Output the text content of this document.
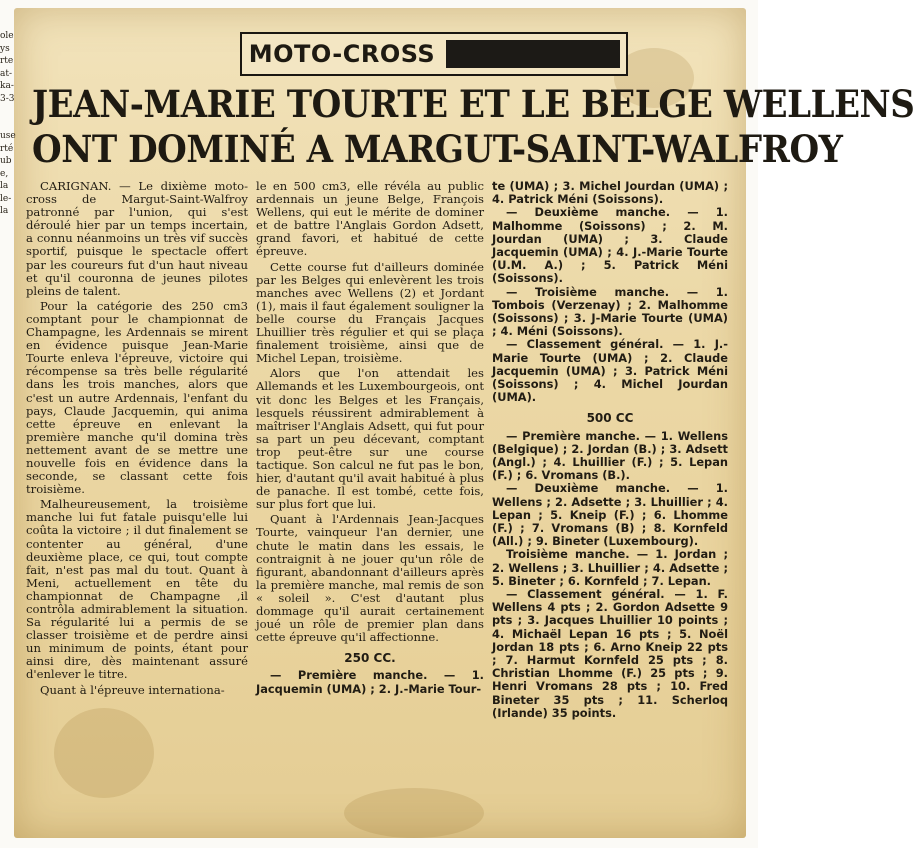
ole
ys
rte
at-
ka-
3-3

use
rté
ub
e,
la
le-
la
MOTO-CROSS
JEAN-MARIE TOURTE ET LE BELGE WELLENS
ONT DOMINÉ A MARGUT-SAINT-WALFROY

CARIGNAN. — Le dixième moto-cross de Margut-Saint-Walfroy patronné par l'union, qui s'est déroulé hier par un temps incertain, a connu néanmoins un très vif succès sportif, puisque le spectacle offert par les coureurs fut d'un haut niveau et qu'il couronna de jeunes pilotes pleins de talent.

Pour la catégorie des 250 cm3 comptant pour le championnat de Champagne, les Ardennais se mirent en évidence puisque Jean-Marie Tourte enleva l'épreuve, victoire qui récompense sa très belle régularité dans les trois manches, alors que c'est un autre Ardennais, l'enfant du pays, Claude Jacquemin, qui anima cette épreuve en enlevant la première manche qu'il domina très nettement avant de se mettre une nouvelle fois en évidence dans la seconde, se classant cette fois troisième.

Malheureusement, la troisième manche lui fut fatale puisqu'elle lui coûta la victoire ; il dut finalement se contenter au général, d'une deuxième place, ce qui, tout compte fait, n'est pas mal du tout. Quant à Meni, actuellement en tête du championnat de Champagne ,il contrôla admirablement la situation. Sa régularité lui a permis de se classer troisième et de perdre ainsi un minimum de points, étant pour ainsi dire, dès maintenant assuré d'enlever le titre.

Quant à l'épreuve internationa-

le en 500 cm3, elle révéla au public ardennais un jeune Belge, François Wellens, qui eut le mérite de dominer et de battre l'Anglais Gordon Adsett, grand favori, et habitué de cette épreuve.

Cette course fut d'ailleurs dominée par les Belges qui enlevèrent les trois manches avec Wellens (2) et Jordant (1), mais il faut également souligner la belle course du Français Jacques Lhuillier très régulier et qui se plaça finalement troisième, ainsi que de Michel Lepan, troisième.

Alors que l'on attendait les Allemands et les Luxembourgeois, ont vit donc les Belges et les Français, lesquels réussirent admirablement à maîtriser l'Anglais Adsett, qui fut pour sa part un peu décevant, comptant trop peut-être sur une course tactique. Son calcul ne fut pas le bon, hier, d'autant qu'il avait habitué à plus de panache. Il est tombé, cette fois, sur plus fort que lui.

Quant à l'Ardennais Jean-Jacques Tourte, vainqueur l'an dernier, une chute le matin dans les essais, le contraignit à ne jouer qu'un rôle de figurant, abandonnant d'ailleurs après la première manche, mal remis de son « soleil ». C'est d'autant plus dommage qu'il aurait certainement joué un rôle de premier plan dans cette épreuve qu'il affectionne.

250 CC.

— Première manche. — 1. Jacquemin (UMA) ; 2. J.-Marie Tour-

te (UMA) ; 3. Michel Jourdan (UMA) ; 4. Patrick Méni (Soissons).

— Deuxième manche. — 1. Malhomme (Soissons) ; 2. M. Jourdan (UMA) ; 3. Claude Jacquemin (UMA) ; 4. J.-Marie Tourte (U.M. A.) ; 5. Patrick Méni (Soissons).

— Troisième manche. — 1. Tombois (Verzenay) ; 2. Malhomme (Soissons) ; 3. J-Marie Tourte (UMA) ; 4. Méni (Soissons).

— Classement général. — 1. J.-Marie Tourte (UMA) ; 2. Claude Jacquemin (UMA) ; 3. Patrick Méni (Soissons) ; 4. Michel Jourdan (UMA).

500 CC

— Première manche. — 1. Wellens (Belgique) ; 2. Jordan (B.) ; 3. Adsett (Angl.) ; 4. Lhuillier (F.) ; 5. Lepan (F.) ; 6. Vromans (B.).

— Deuxième manche. — 1. Wellens ; 2. Adsette ; 3. Lhuillier ; 4. Lepan ; 5. Kneip (F.) ; 6. Lhomme (F.) ; 7. Vromans (B) ; 8. Kornfeld (All.) ; 9. Bineter (Luxembourg).

Troisième manche. — 1. Jordan ; 2. Wellens ; 3. Lhuillier ; 4. Adsette ; 5. Bineter ; 6. Kornfeld ; 7. Lepan.

— Classement général. — 1. F. Wellens 4 pts ; 2. Gordon Adsette 9 pts ; 3. Jacques Lhuillier 10 points ; 4. Michaël Lepan 16 pts ; 5. Noël Jordan 18 pts ; 6. Arno Kneip 22 pts ; 7. Harmut Kornfeld 25 pts ; 8. Christian Lhomme (F.) 25 pts ; 9. Henri Vromans 28 pts ; 10. Fred Bineter 35 pts ; 11. Scherloq (Irlande) 35 points.
